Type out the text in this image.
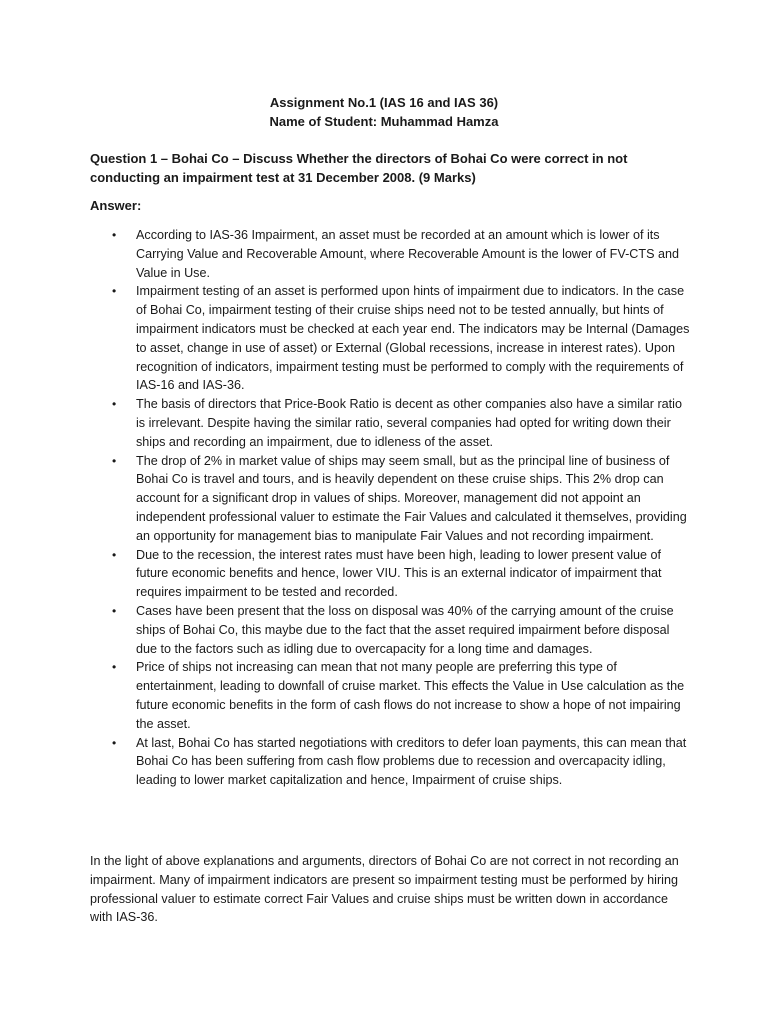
Assignment No.1 (IAS 16 and IAS 36)
Name of Student: Muhammad Hamza
Question 1 – Bohai Co – Discuss Whether the directors of Bohai Co were correct in not conducting an impairment test at 31 December 2008. (9 Marks)
Answer:
• According to IAS-36 Impairment, an asset must be recorded at an amount which is lower of its Carrying Value and Recoverable Amount, where Recoverable Amount is the lower of FV-CTS and Value in Use.
• Impairment testing of an asset is performed upon hints of impairment due to indicators. In the case of Bohai Co, impairment testing of their cruise ships need not to be tested annually, but hints of impairment indicators must be checked at each year end. The indicators may be Internal (Damages to asset, change in use of asset) or External (Global recessions, increase in interest rates). Upon recognition of indicators, impairment testing must be performed to comply with the requirements of IAS-16 and IAS-36.
• The basis of directors that Price-Book Ratio is decent as other companies also have a similar ratio is irrelevant. Despite having the similar ratio, several companies had opted for writing down their ships and recording an impairment, due to idleness of the asset.
• The drop of 2% in market value of ships may seem small, but as the principal line of business of Bohai Co is travel and tours, and is heavily dependent on these cruise ships. This 2% drop can account for a significant drop in values of ships. Moreover, management did not appoint an independent professional valuer to estimate the Fair Values and calculated it themselves, providing an opportunity for management bias to manipulate Fair Values and not recording impairment.
• Due to the recession, the interest rates must have been high, leading to lower present value of future economic benefits and hence, lower VIU. This is an external indicator of impairment that requires impairment to be tested and recorded.
• Cases have been present that the loss on disposal was 40% of the carrying amount of the cruise ships of Bohai Co, this maybe due to the fact that the asset required impairment before disposal due to the factors such as idling due to overcapacity for a long time and damages.
• Price of ships not increasing can mean that not many people are preferring this type of entertainment, leading to downfall of cruise market. This effects the Value in Use calculation as the future economic benefits in the form of cash flows do not increase to show a hope of not impairing the asset.
• At last, Bohai Co has started negotiations with creditors to defer loan payments, this can mean that Bohai Co has been suffering from cash flow problems due to recession and overcapacity idling, leading to lower market capitalization and hence, Impairment of cruise ships.
In the light of above explanations and arguments, directors of Bohai Co are not correct in not recording an impairment. Many of impairment indicators are present so impairment testing must be performed by hiring professional valuer to estimate correct Fair Values and cruise ships must be written down in accordance with IAS-36.
